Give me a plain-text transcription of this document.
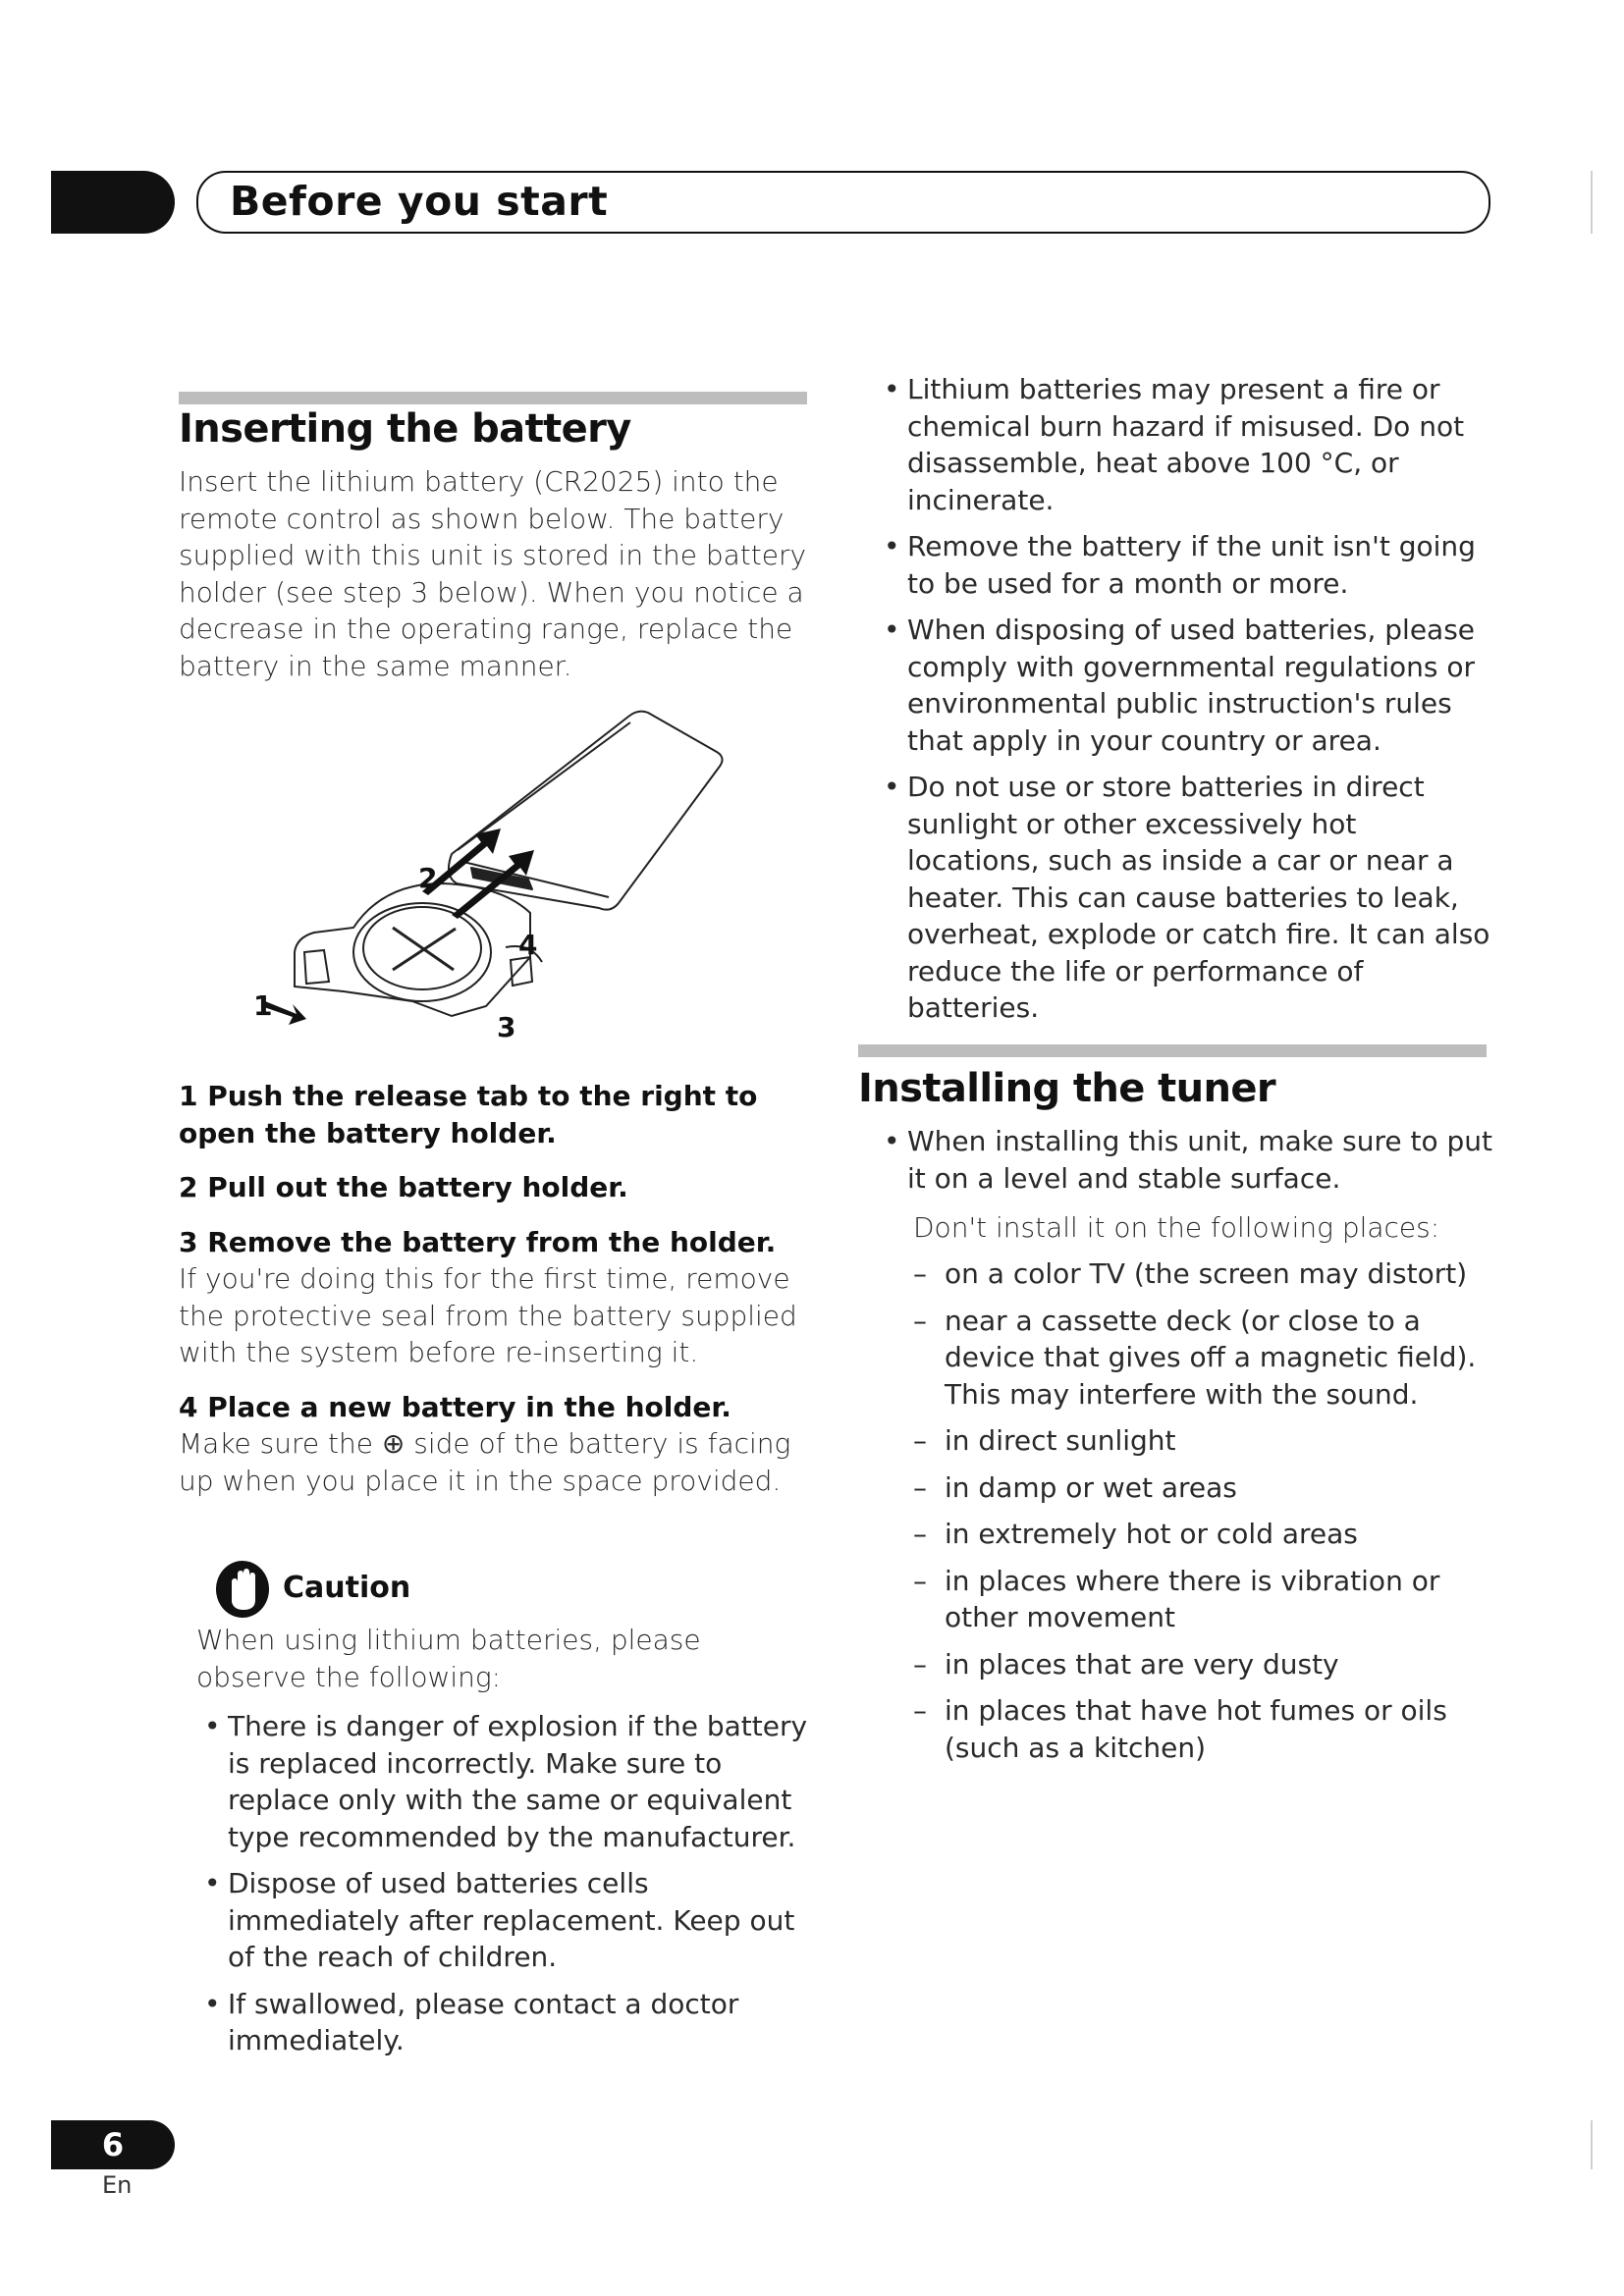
Before you start
Inserting the battery
Insert the lithium battery (CR2025) into the remote control as shown below. The battery supplied with this unit is stored in the battery holder (see step 3 below). When you notice a decrease in the operating range, replace the battery in the same manner.
2
4
1
3
1 Push the release tab to the right to open the battery holder.
2 Pull out the battery holder.
3 Remove the battery from the holder.
If you're doing this for the first time, remove the protective seal from the battery supplied with the system before re-inserting it.
4 Place a new battery in the holder.
Make sure the ⊕ side of the battery is facing up when you place it in the space provided.
Caution
When using lithium batteries, please observe the following:
• There is danger of explosion if the battery is replaced incorrectly. Make sure to replace only with the same or equivalent type recommended by the manufacturer.
• Dispose of used batteries cells immediately after replacement. Keep out of the reach of children.
• If swallowed, please contact a doctor immediately.
• Lithium batteries may present a fire or chemical burn hazard if misused. Do not disassemble, heat above 100 °C, or incinerate.
• Remove the battery if the unit isn't going to be used for a month or more.
• When disposing of used batteries, please comply with governmental regulations or environmental public instruction's rules that apply in your country or area.
• Do not use or store batteries in direct sunlight or other excessively hot locations, such as inside a car or near a heater. This can cause batteries to leak, overheat, explode or catch fire. It can also reduce the life or performance of batteries.
Installing the tuner
• When installing this unit, make sure to put it on a level and stable surface.
Don't install it on the following places:
– on a color TV (the screen may distort)
– near a cassette deck (or close to a device that gives off a magnetic field). This may interfere with the sound.
– in direct sunlight
– in damp or wet areas
– in extremely hot or cold areas
– in places where there is vibration or other movement
– in places that are very dusty
– in places that have hot fumes or oils (such as a kitchen)
6
En
